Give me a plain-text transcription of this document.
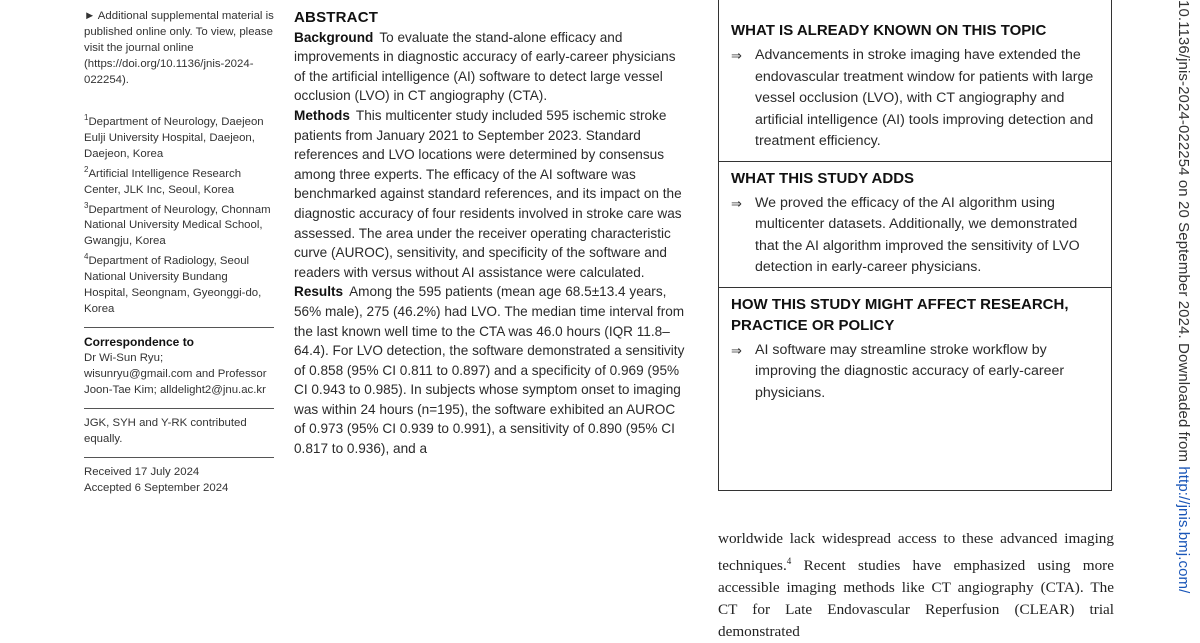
► Additional supplemental material is published online only. To view, please visit the journal online (https://doi.org/10.1136/jnis-2024-022254).

$^1$Department of Neurology, Daejeon Eulji University Hospital, Daejeon, Daejeon, Korea

$^2$Artificial Intelligence Research Center, JLK Inc, Seoul, Korea

$^3$Department of Neurology, Chonnam National University Medical School, Gwangju, Korea

$^4$Department of Radiology, Seoul National University Bundang Hospital, Seongnam, Gyeonggi-do, Korea

Correspondence to

Dr Wi-Sun Ryu; wisunryu@gmail.com and Professor Joon-Tae Kim; alldelight2@jnu.ac.kr

JGK, SYH and Y-RK contributed equally.

Received 17 July 2024

Accepted 6 September 2024

ABSTRACT

Background To evaluate the stand-alone efficacy and improvements in diagnostic accuracy of early-career physicians of the artificial intelligence (AI) software to detect large vessel occlusion (LVO) in CT angiography (CTA).

Methods This multicenter study included 595 ischemic stroke patients from January 2021 to September 2023. Standard references and LVO locations were determined by consensus among three experts. The efficacy of the AI software was benchmarked against standard references, and its impact on the diagnostic accuracy of four residents involved in stroke care was assessed. The area under the receiver operating characteristic curve (AUROC), sensitivity, and specificity of the software and readers with versus without AI assistance were calculated.

Results Among the 595 patients (mean age 68.5±13.4 years, 56% male), 275 (46.2%) had LVO. The median time interval from the last known well time to the CTA was 46.0 hours (IQR 11.8–64.4). For LVO detection, the software demonstrated a sensitivity of 0.858 (95% CI 0.811 to 0.897) and a specificity of 0.969 (95% CI 0.943 to 0.985). In subjects whose symptom onset to imaging was within 24 hours (n=195), the software exhibited an AUROC of 0.973 (95% CI 0.939 to 0.991), a sensitivity of 0.890 (95% CI 0.817 to 0.936), and a

WHAT IS ALREADY KNOWN ON THIS TOPIC
⇒ Advancements in stroke imaging have extended the endovascular treatment window for patients with large vessel occlusion (LVO), with CT angiography and artificial intelligence (AI) tools improving detection and treatment efficiency.
WHAT THIS STUDY ADDS
⇒ We proved the efficacy of the AI algorithm using multicenter datasets. Additionally, we demonstrated that the AI algorithm improved the sensitivity of LVO detection in early-career physicians.
HOW THIS STUDY MIGHT AFFECT RESEARCH, PRACTICE OR POLICY
⇒ AI software may streamline stroke workflow by improving the diagnostic accuracy of early-career physicians.
worldwide lack widespread access to these advanced imaging techniques.$^4$ Recent studies have emphasized using more accessible imaging methods like CT angiography (CTA). The CT for Late Endovascular Reperfusion (CLEAR) trial demonstrated
10.1136/jnis-2024-022254 on 20 September 2024. Downloaded from http://jnis.bmj.com/
